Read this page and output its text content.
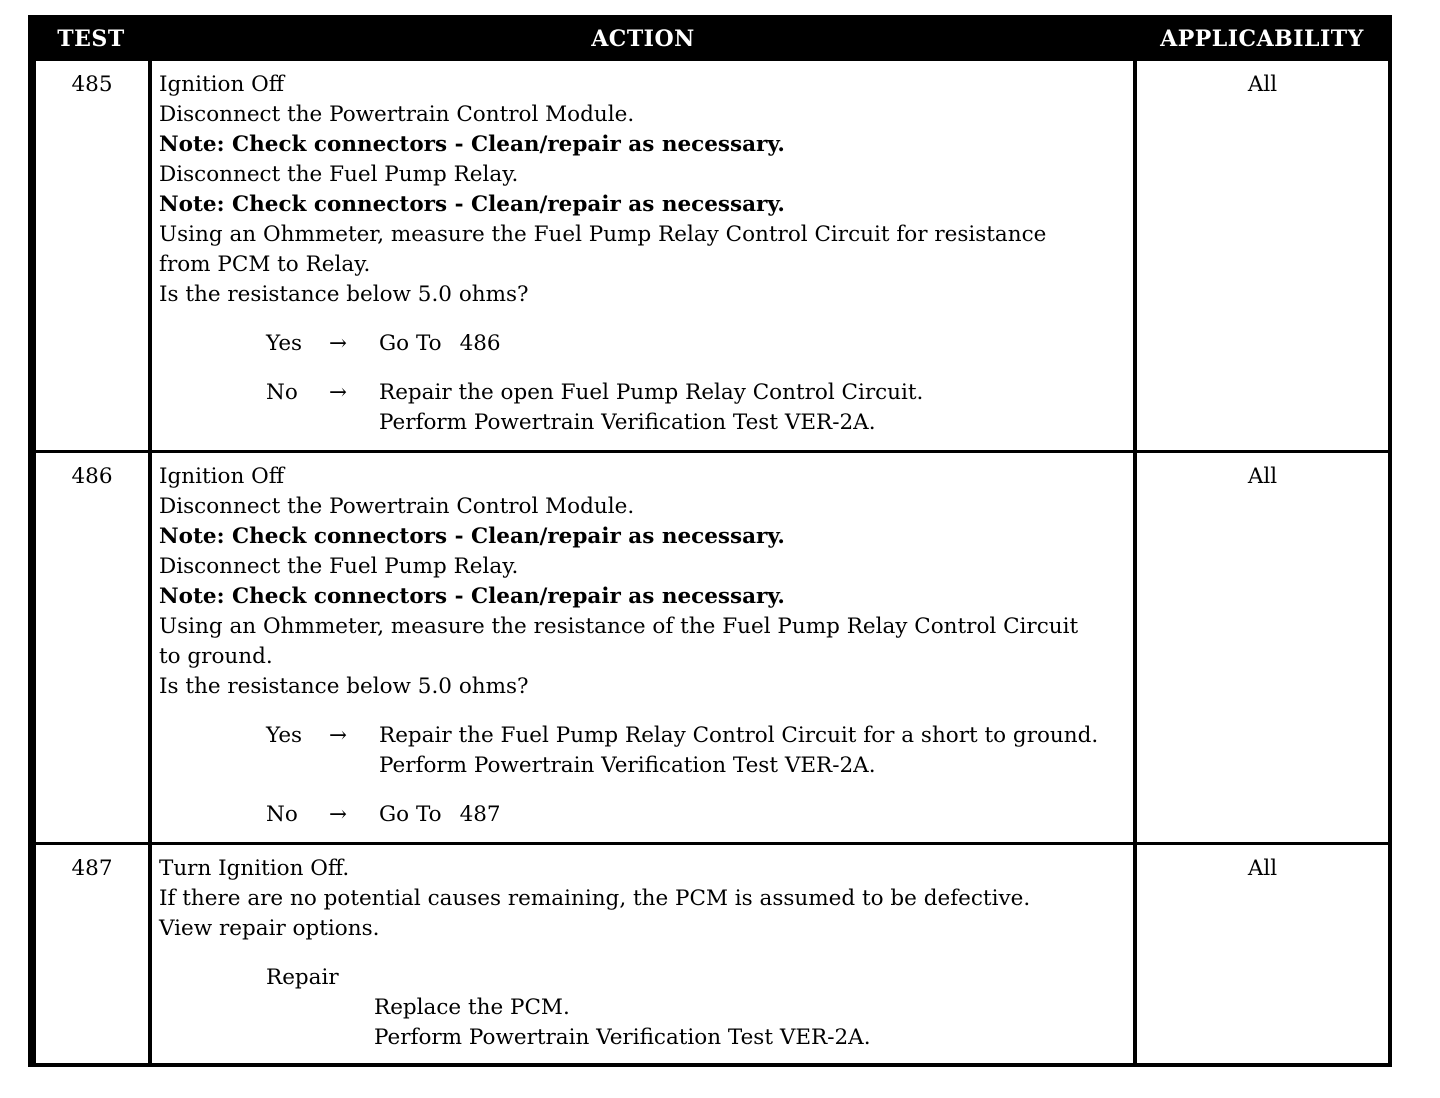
TEST	ACTION	APPLICABILITY
485	Ignition Off
Disconnect the Powertrain Control Module.
Note: Check connectors - Clean/repair as necessary.
Disconnect the Fuel Pump Relay.
Note: Check connectors - Clean/repair as necessary.
Using an Ohmmeter, measure the Fuel Pump Relay Control Circuit for resistance
from PCM to Relay.
Is the resistance below 5.0 ohms?
Yes → Go To 486
No → Repair the open Fuel Pump Relay Control Circuit.
Perform Powertrain Verification Test VER-2A.
All
486	Ignition Off
Disconnect the Powertrain Control Module.
Note: Check connectors - Clean/repair as necessary.
Disconnect the Fuel Pump Relay.
Note: Check connectors - Clean/repair as necessary.
Using an Ohmmeter, measure the resistance of the Fuel Pump Relay Control Circuit
to ground.
Is the resistance below 5.0 ohms?
Yes → Repair the Fuel Pump Relay Control Circuit for a short to ground.
Perform Powertrain Verification Test VER-2A.
No → Go To 487
All
487	Turn Ignition Off.
If there are no potential causes remaining, the PCM is assumed to be defective.
View repair options.
Repair
Replace the PCM.
Perform Powertrain Verification Test VER-2A.
All
